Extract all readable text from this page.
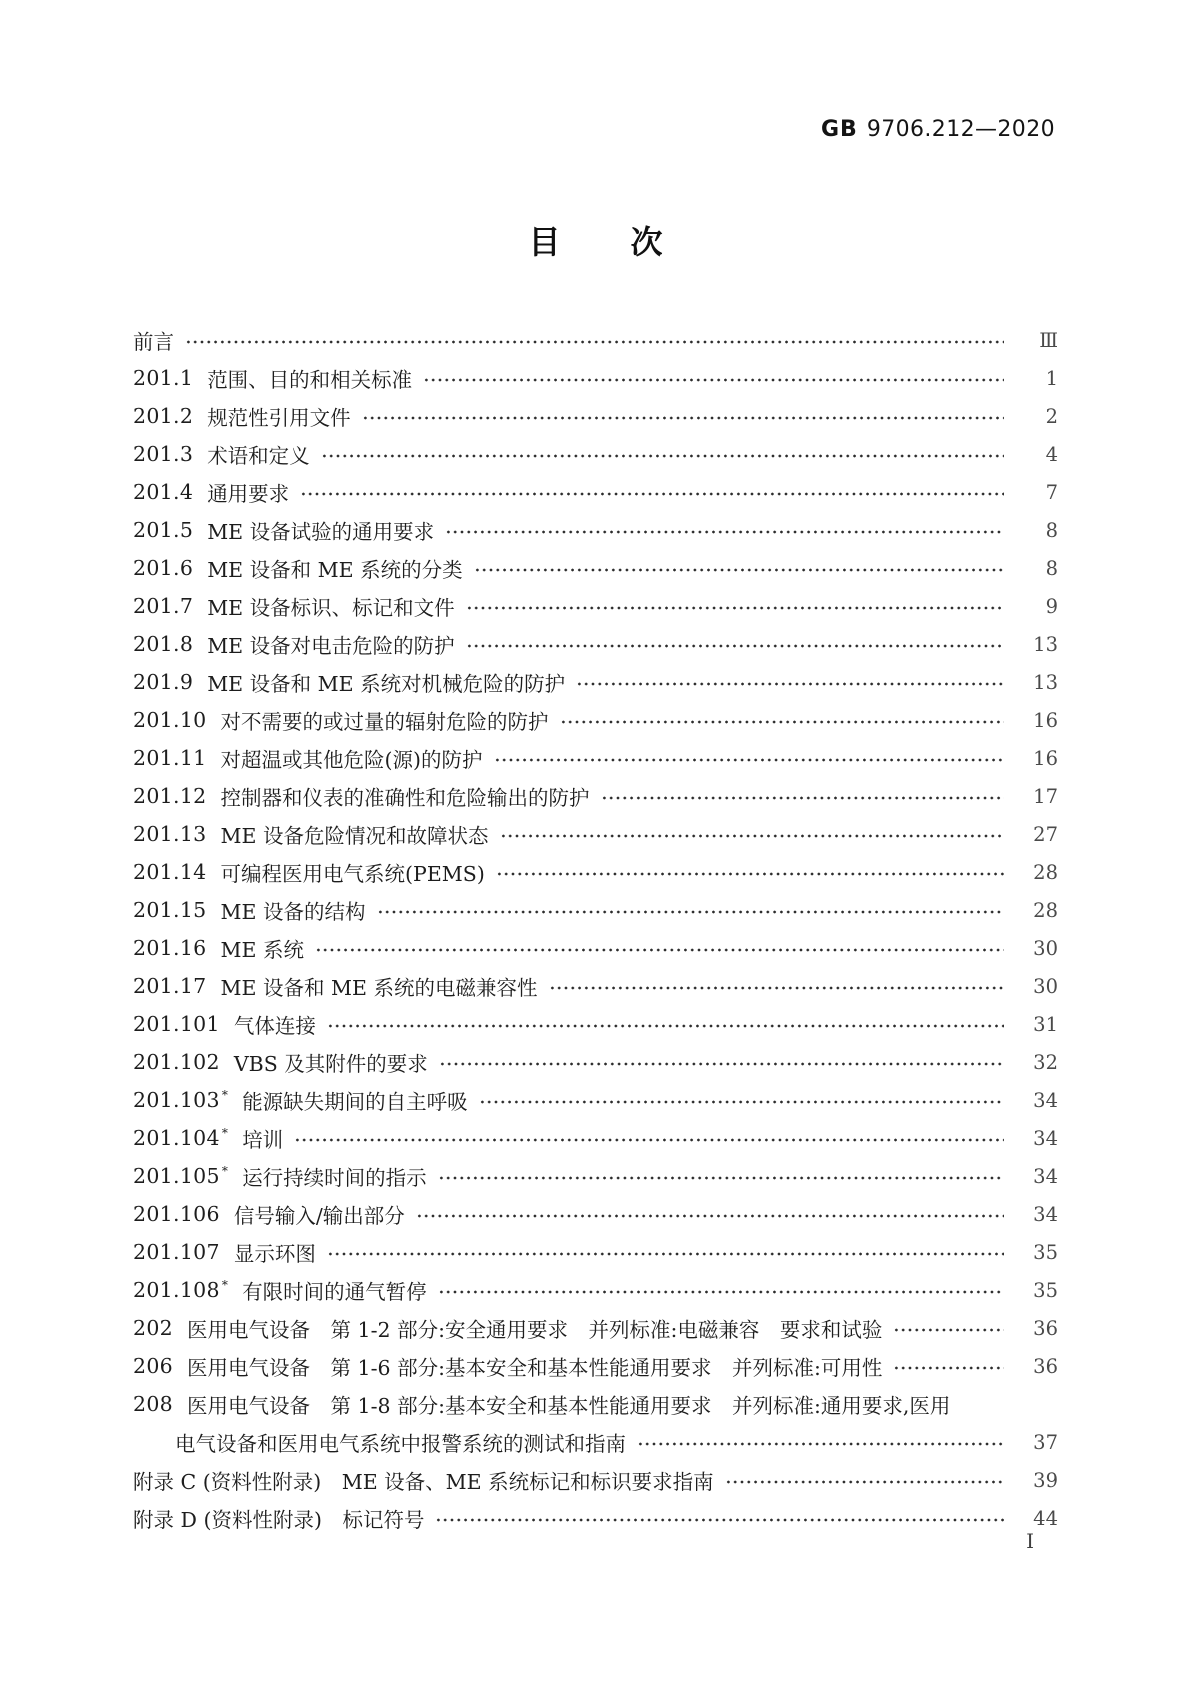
GB 9706.212—2020
目 次
前言	Ⅲ
201.1 范围、目的和相关标准	1
201.2 规范性引用文件	2
201.3 术语和定义	4
201.4 通用要求	7
201.5 ME 设备试验的通用要求	8
201.6 ME 设备和 ME 系统的分类	8
201.7 ME 设备标识、标记和文件	9
201.8 ME 设备对电击危险的防护	13
201.9 ME 设备和 ME 系统对机械危险的防护	13
201.10 对不需要的或过量的辐射危险的防护	16
201.11 对超温或其他危险(源)的防护	16
201.12 控制器和仪表的准确性和危险输出的防护	17
201.13 ME 设备危险情况和故障状态	27
201.14 可编程医用电气系统(PEMS)	28
201.15 ME 设备的结构	28
201.16 ME 系统	30
201.17 ME 设备和 ME 系统的电磁兼容性	30
201.101 气体连接	31
201.102 VBS 及其附件的要求	32
201.103 * 能源缺失期间的自主呼吸	34
201.104 * 培训	34
201.105 * 运行持续时间的指示	34
201.106 信号输入/输出部分	34
201.107 显示环图	35
201.108 * 有限时间的通气暂停	35
202 医用电气设备　第 1-2 部分:安全通用要求　并列标准:电磁兼容　要求和试验	36
206 医用电气设备　第 1-6 部分:基本安全和基本性能通用要求　并列标准:可用性	36
208 医用电气设备　第 1-8 部分:基本安全和基本性能通用要求　并列标准:通用要求,医用
电气设备和医用电气系统中报警系统的测试和指南	37
附录 C (资料性附录)　ME 设备、ME 系统标记和标识要求指南	39
附录 D (资料性附录)　标记符号	44
Ⅰ
